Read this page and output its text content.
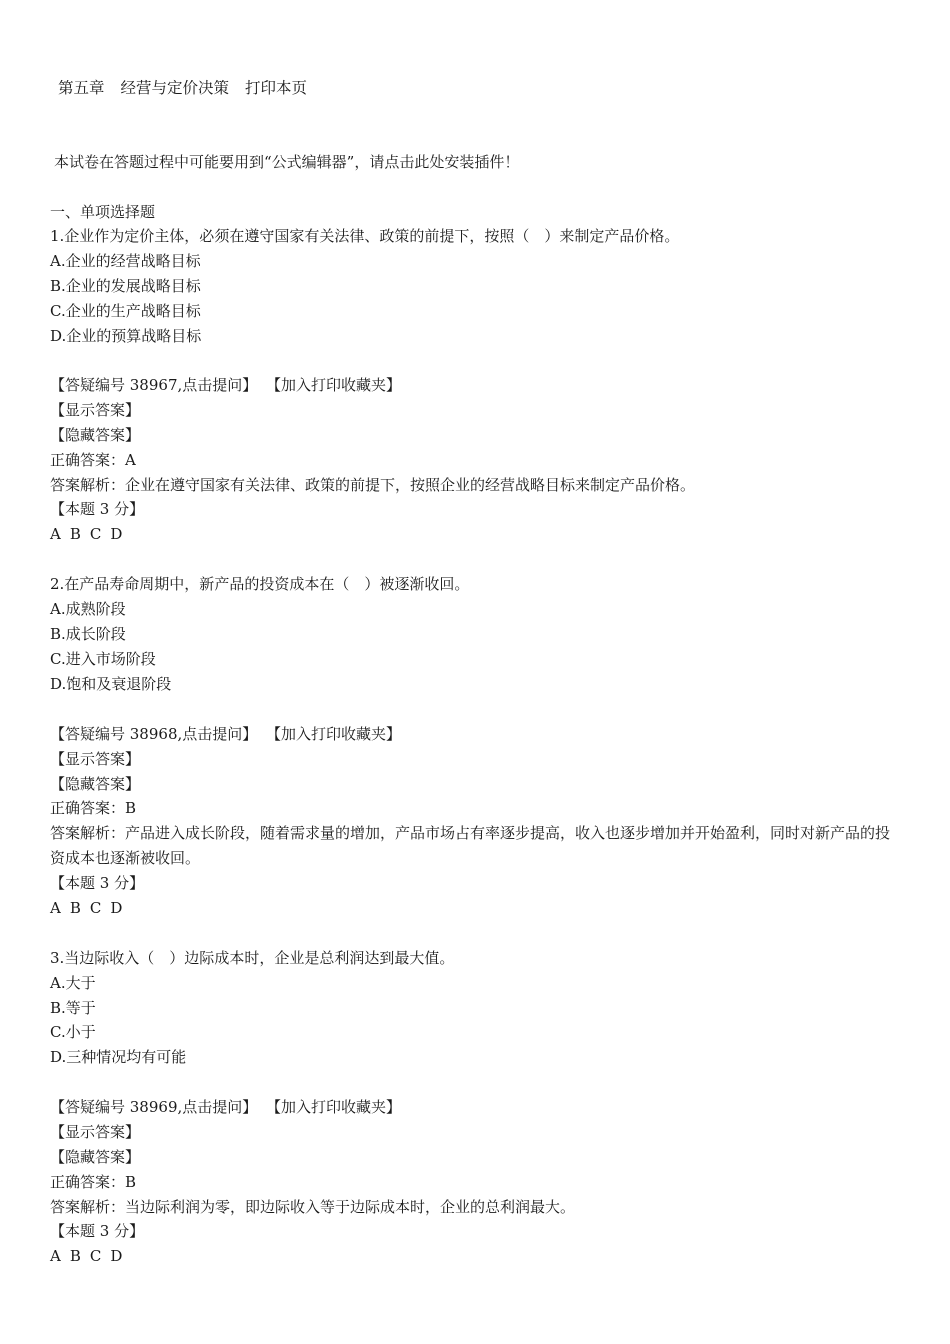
第五章 经营与定价决策 打印本页
本试卷在答题过程中可能要用到“公式编辑器”，请点击此处安装插件！
一、单项选择题
1.企业作为定价主体，必须在遵守国家有关法律、政策的前提下，按照（　）来制定产品价格。
A.企业的经营战略目标
B.企业的发展战略目标
C.企业的生产战略目标
D.企业的预算战略目标
【答疑编号 38967,点击提问】 【加入打印收藏夹】
【显示答案】
【隐藏答案】
正确答案：A
答案解析：企业在遵守国家有关法律、政策的前提下，按照企业的经营战略目标来制定产品价格。
【本题 3 分】
A B C D
2.在产品寿命周期中，新产品的投资成本在（　）被逐渐收回。
A.成熟阶段
B.成长阶段
C.进入市场阶段
D.饱和及衰退阶段
【答疑编号 38968,点击提问】 【加入打印收藏夹】
【显示答案】
【隐藏答案】
正确答案：B
答案解析：产品进入成长阶段，随着需求量的增加，产品市场占有率逐步提高，收入也逐步增加并开始盈利，同时对新产品的投资成本也逐渐被收回。
【本题 3 分】
A B C D
3.当边际收入（　）边际成本时，企业是总利润达到最大值。
A.大于
B.等于
C.小于
D.三种情况均有可能
【答疑编号 38969,点击提问】 【加入打印收藏夹】
【显示答案】
【隐藏答案】
正确答案：B
答案解析：当边际利润为零，即边际收入等于边际成本时，企业的总利润最大。
【本题 3 分】
A B C D
